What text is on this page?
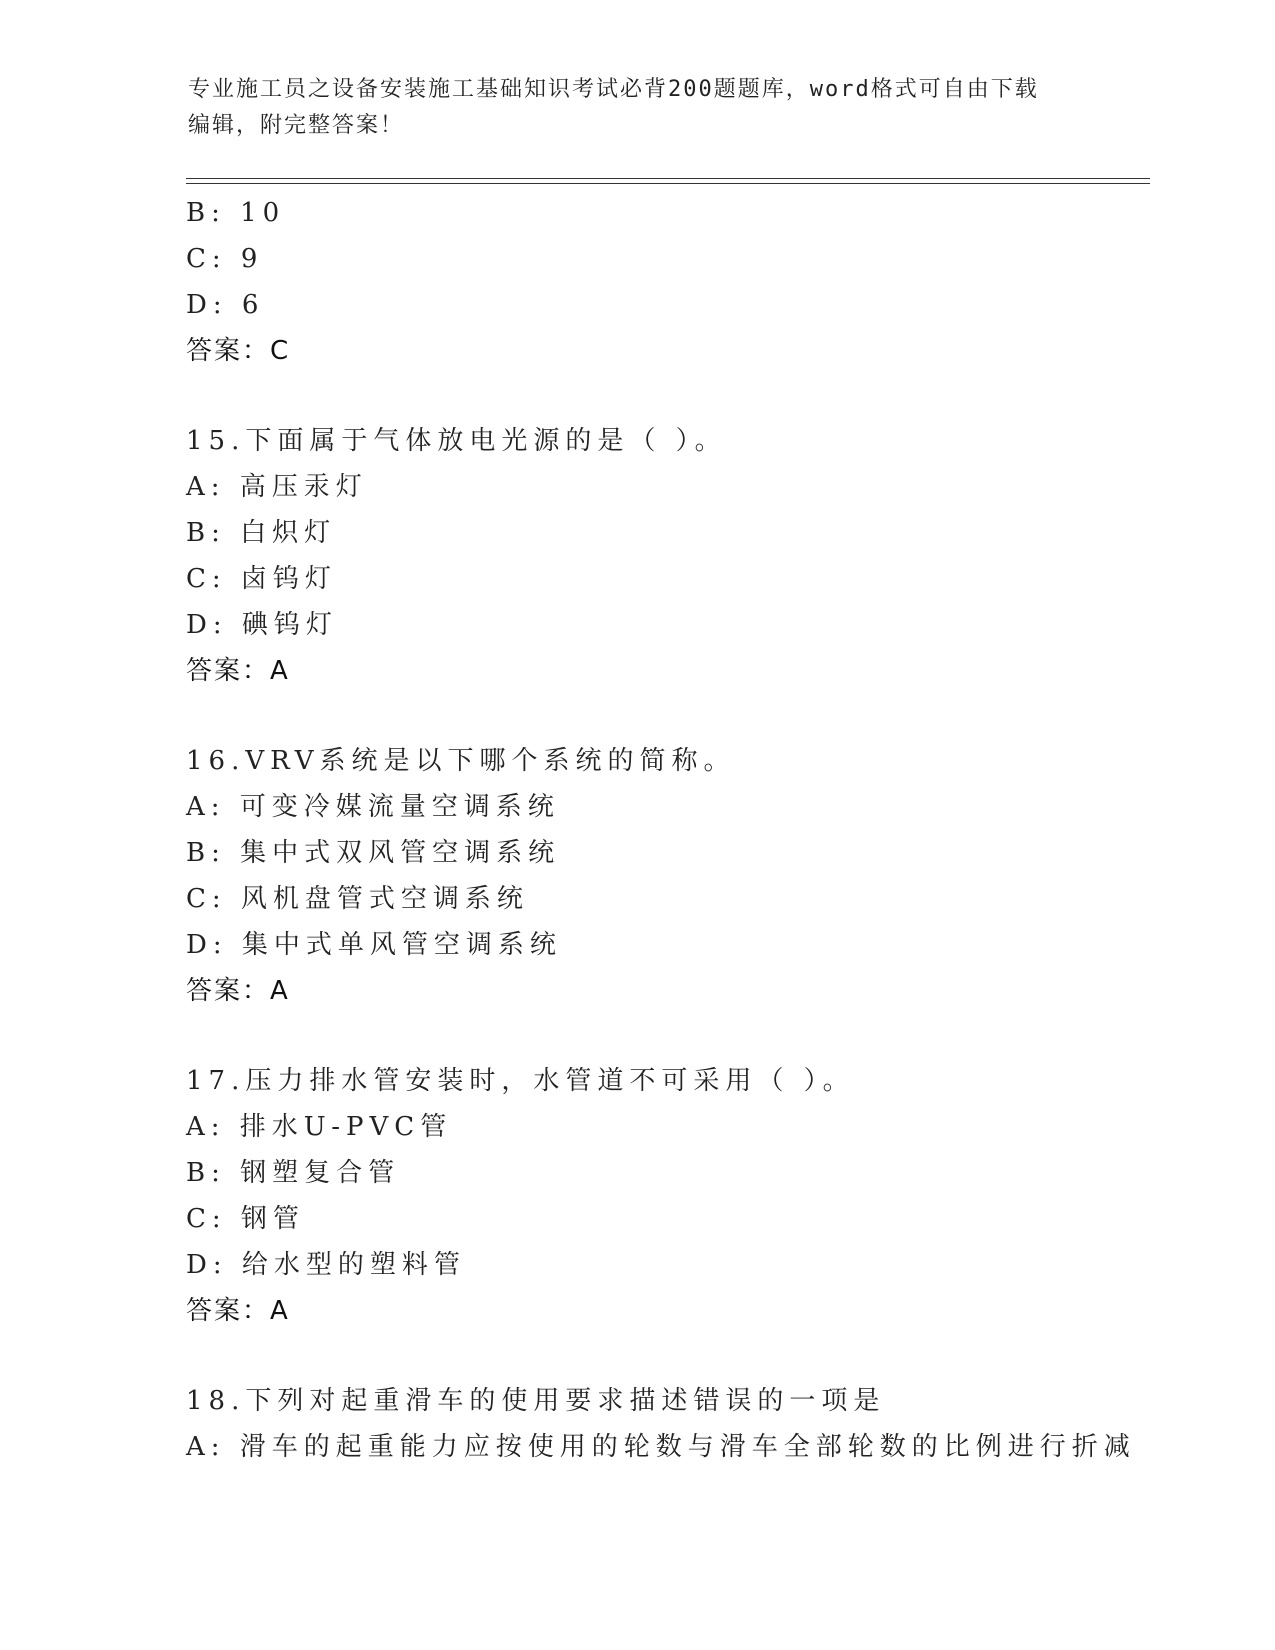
专业施工员之设备安装施工基础知识考试必背200题题库，word格式可自由下载
编辑，附完整答案！
B: 10
C: 9
D: 6
答案：C
15.下面属于气体放电光源的是（ ）。
A: 高压汞灯
B: 白炽灯
C: 卤钨灯
D: 碘钨灯
答案：A
16.VRV系统是以下哪个系统的简称。
A: 可变冷媒流量空调系统
B: 集中式双风管空调系统
C: 风机盘管式空调系统
D: 集中式单风管空调系统
答案：A
17.压力排水管安装时，水管道不可采用（ ）。
A: 排水U-PVC管
B: 钢塑复合管
C: 钢管
D: 给水型的塑料管
答案：A
18.下列对起重滑车的使用要求描述错误的一项是
A: 滑车的起重能力应按使用的轮数与滑车全部轮数的比例进行折减
